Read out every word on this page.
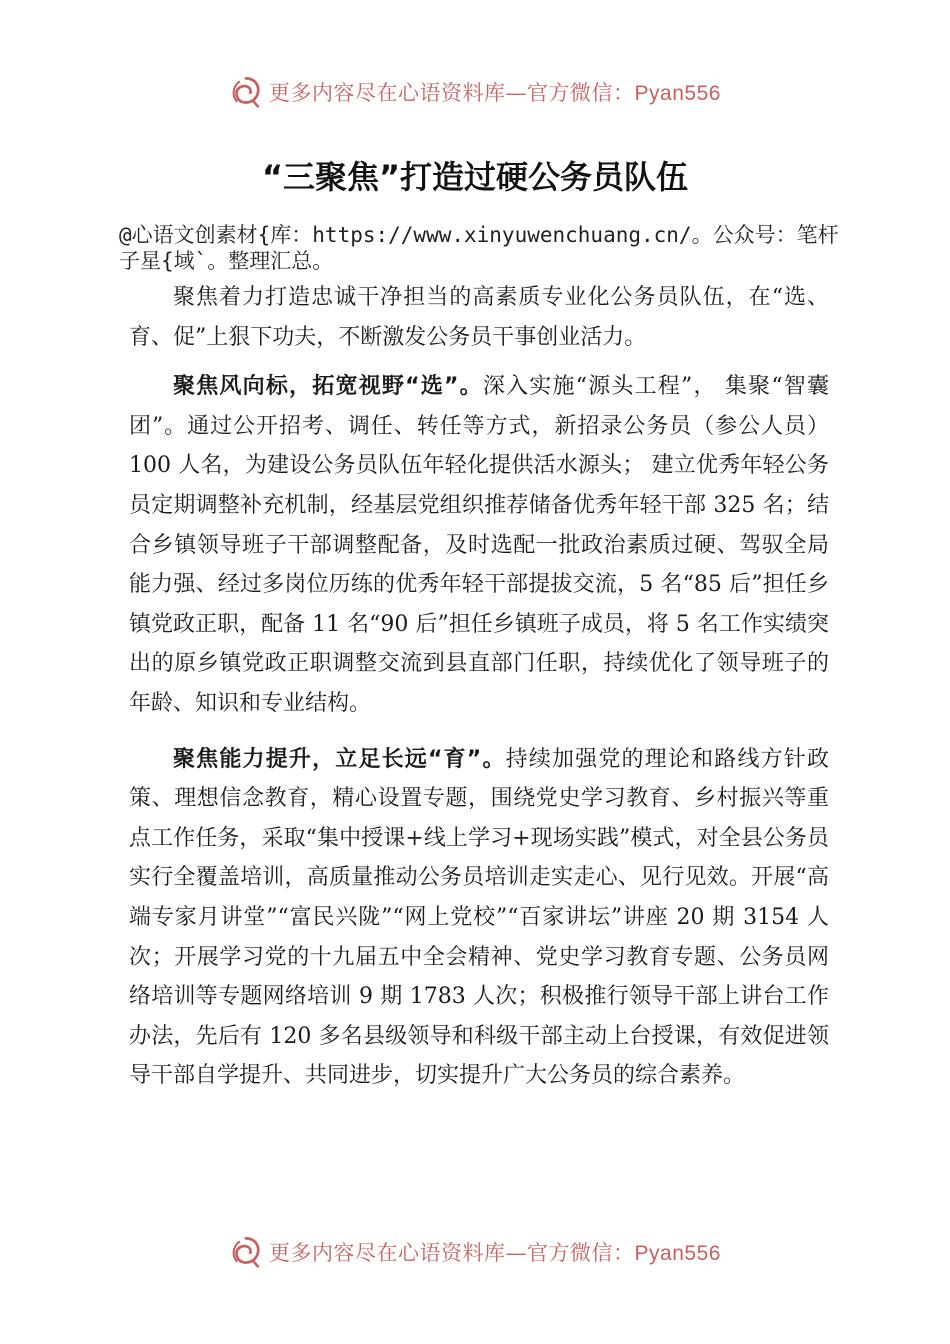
更多内容尽在心语资料库—官方微信：Pyan556
“三聚焦”打造过硬公务员队伍

@心语文创素材{库：https://www.xinyuwenchuang.cn/。公众号：笔杆子星{域`。整理汇总。

聚焦着力打造忠诚干净担当的高素质专业化公务员队伍，在“选、育、促”上狠下功夫，不断激发公务员干事创业活力。

聚焦风向标，拓宽视野“选”。深入实施“源头工程”， 集聚“智囊团”。通过公开招考、调任、转任等方式，新招录公务员（参公人员）100 人名，为建设公务员队伍年轻化提供活水源头； 建立优秀年轻公务员定期调整补充机制，经基层党组织推荐储备优秀年轻干部 325 名；结合乡镇领导班子干部调整配备，及时选配一批政治素质过硬、驾驭全局能力强、经过多岗位历练的优秀年轻干部提拔交流，5 名“85 后”担任乡镇党政正职，配备 11 名“90 后”担任乡镇班子成员，将 5 名工作实绩突出的原乡镇党政正职调整交流到县直部门任职，持续优化了领导班子的年龄、知识和专业结构。

聚焦能力提升，立足长远“育”。持续加强党的理论和路线方针政策、理想信念教育，精心设置专题，围绕党史学习教育、乡村振兴等重点工作任务，采取“集中授课+线上学习+现场实践”模式，对全县公务员实行全覆盖培训，高质量推动公务员培训走实走心、见行见效。开展“高端专家月讲堂”“富民兴陇”“网上党校”“百家讲坛”讲座 20 期 3154 人次；开展学习党的十九届五中全会精神、党史学习教育专题、公务员网络培训等专题网络培训 9 期 1783 人次；积极推行领导干部上讲台工作办法，先后有 120 多名县级领导和科级干部主动上台授课，有效促进领导干部自学提升、共同进步，切实提升广大公务员的综合素养。

更多内容尽在心语资料库—官方微信：Pyan556
